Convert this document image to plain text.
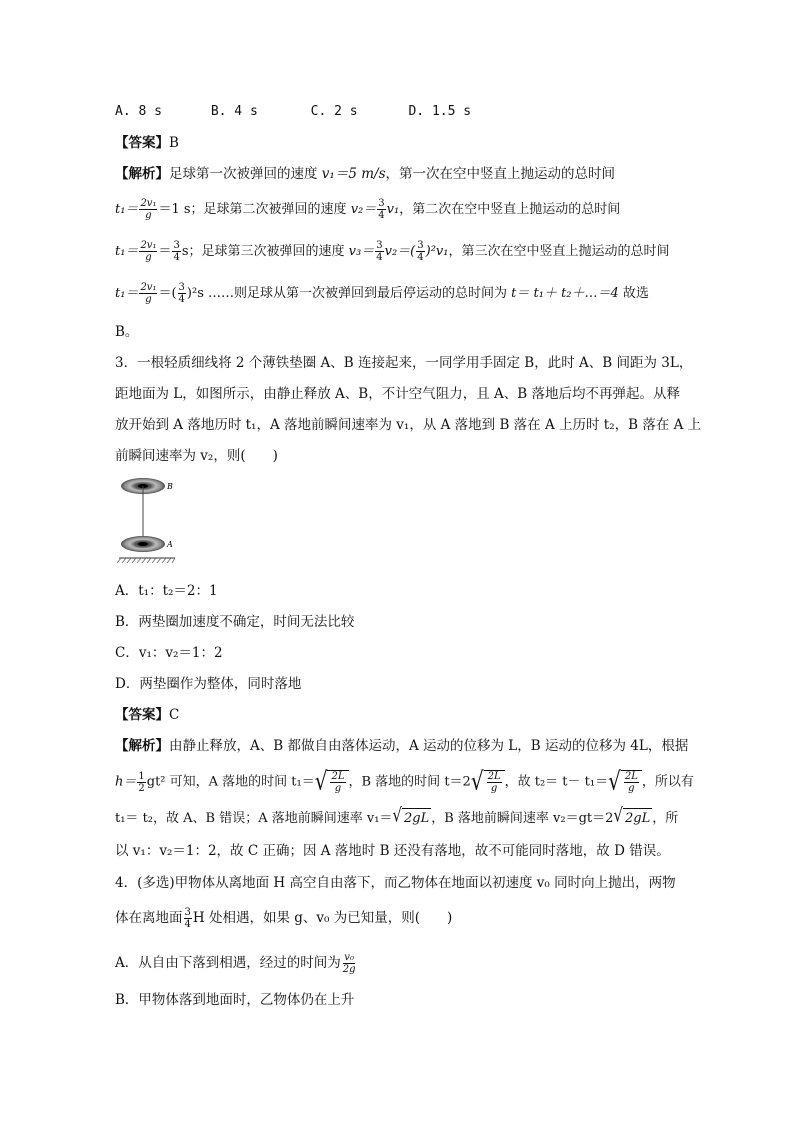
A. 8 s	B. 4 s	C. 2 s	D. 1.5 s
【答案】B
【解析】足球第一次被弹回的速度 v₁＝5 m/s，第一次在空中竖直上抛运动的总时间
$t_1= \frac{\text{2v₁}}{g} =1$ s；足球第二次被弹回的速度 $v_2= \frac{3}{4} v_1$，第二次在空中竖直上抛运动的总时间
$t_1= \frac{\text{2v₁}}{g} = \frac{3}{4}$ s；足球第三次被弹回的速度 $v_3= \frac{3}{4} v_2=( \frac{3}{4} )^2v_1$，第三次在空中竖直上抛运动的总时间
$t_1= \frac{\text{2v₁}}{g}$ ＝( $\frac{3}{4} )^2s$ ……则足球从第一次被弹回到最后停运动的总时间为 t＝ t₁＋ t₂＋…＝4 故选
B。
3．一根轻质细线将 2 个薄铁垫圈 A、B 连接起来，一同学用手固定 B，此时 A、B 间距为 3L，
距地面为 L，如图所示，由静止释放 A、B，不计空气阻力，且 A、B 落地后均不再弹起。从释
放开始到 A 落地历时 t₁，A 落地前瞬间速率为 v₁，从 A 落地到 B 落在 A 上历时 t₂，B 落在 A 上
前瞬间速率为 v₂，则(　　)
B
A
A．t₁：t₂＝2：1
B．两垫圈加速度不确定，时间无法比较
C．v₁：v₂＝1：2
D．两垫圈作为整体，同时落地
【答案】C
【解析】由静止释放，A、B 都做自由落体运动，A 运动的位移为 L，B 运动的位移为 4L，根据
$h= \frac{1}{2} gt^2$ 可知，A 落地的时间 t₁＝ √ $\frac{2L}{g}$ ，B 落地的时间 t＝2 √ $\frac{2L}{g}$ ，故 t₂＝ t－ t₁＝ √ $\frac{2L}{g}$ ，所以有
t₁＝ t₂，故 A、B 错误；A 落地前瞬间速率 v₁＝ √ 2gL ，B 落地前瞬间速率 v₂＝gt＝2 √ 2gL ，所
以 v₁：v₂＝1：2，故 C 正确；因 A 落地时 B 还没有落地，故不可能同时落地，故 D 错误。
4．(多选)甲物体从离地面 H 高空自由落下，而乙物体在地面以初速度 v₀ 同时向上抛出，两物
体在离地面 $\frac{3}{4}$ H 处相遇，如果 g、v₀ 为已知量，则(　　)
A．从自由下落到相遇，经过的时间为 $\frac{\text{v₀}}{2g}$
B．甲物体落到地面时，乙物体仍在上升
